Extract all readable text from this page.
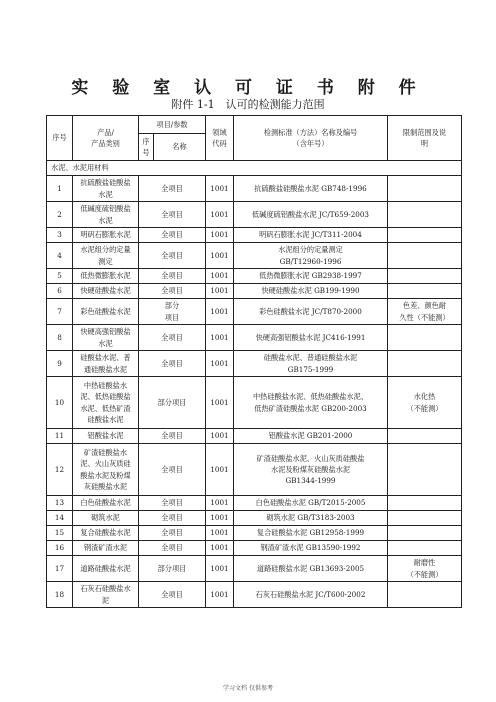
实 验 室 认 可 证 书 附 件
附件 1-1　认可的检测能力范围
序号	产品/
产品类别	项目/参数		领域
代码	检测标准（方法）名称及编号
（含年号）	限制范围及说
明
		序
号	名称			
水泥、水泥用材料						
1	抗硫酸盐硅酸盐
水泥	全项目		1001	抗硫酸盐硅酸盐水泥 GB748-1996	
2	低碱度硫铝酸盐
水泥	全项目		1001	低碱度硫铝酸盐水泥 JC/T659-2003	
3	明矾石膨胀水泥	全项目		1001	明矾石膨胀水泥 JC/T311-2004	
4	水泥组分的定量
测定	全项目		1001	水泥组分的定量测定
GB/T12960-1996	
5	低热微膨胀水泥	全项目		1001	低热微膨胀水泥 GB2938-1997	
6	快硬硅酸盐水泥	全项目		1001	快硬硅酸盐水泥 GB199-1990	
7	彩色硅酸盐水泥	部分
项目		1001	彩色硅酸盐水泥 JC/T870-2000	色差、颜色耐
久性（不能测）
8	快硬高强铝酸盐
水泥	全项目		1001	快硬高强铝酸盐水泥 JC416-1991	
9	硅酸盐水泥、普
通硅酸盐水泥	全项目		1001	硅酸盐水泥、普通硅酸盐水泥
GB175-1999	
10	中热硅酸盐水
泥、低热硅酸盐
水泥、低热矿渣
硅酸盐水泥	部分项目		1001	中热硅酸盐水泥、低热硅酸盐水泥、
低热矿渣硅酸盐水泥 GB200-2003	水化热
（不能测）
11	铝酸盐水泥	全项目		1001	铝酸盐水泥 GB201-2000	
12	矿渣硅酸盐水
泥、火山灰质硅
酸盐水泥及粉煤
灰硅酸盐水泥	全项目		1001	矿渣硅酸盐水泥、火山灰质硅酸盐
水泥及粉煤灰硅酸盐水泥
GB1344-1999	
13	白色硅酸盐水泥	全项目		1001	白色硅酸盐水泥 GB/T2015-2005	
14	砌筑水泥	全项目		1001	砌筑水泥 GB/T3183-2003	
15	复合硅酸盐水泥	全项目		1001	复合硅酸盐水泥 GB12958-1999	
16	钢渣矿渣水泥	全项目		1001	钢渣矿渣水泥 GB13590-1992	
17	道路硅酸盐水泥	部分项目		1001	道路硅酸盐水泥 GB13693-2005	耐磨性
（不能测）
18	石灰石硅酸盐水
泥	全项目		1001	石灰石硅酸盐水泥 JC/T600-2002	
学习文档 仅供参考
